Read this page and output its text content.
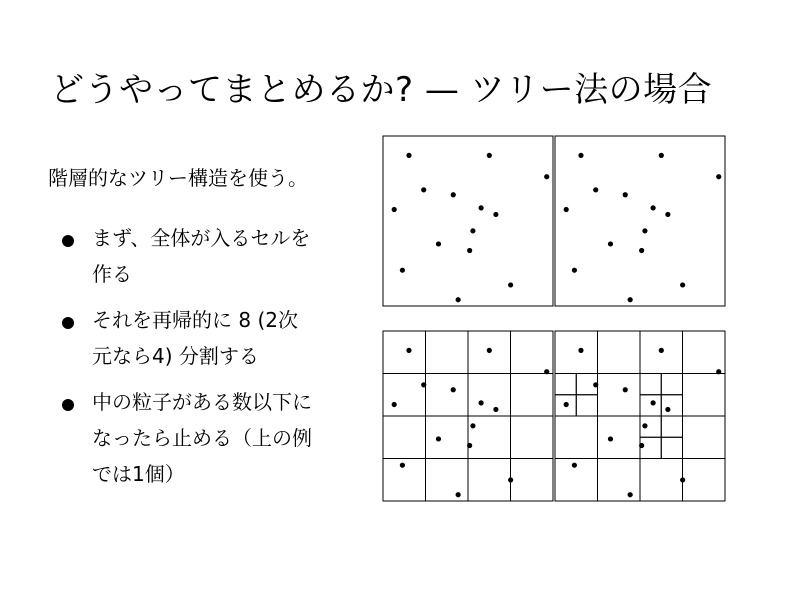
どうやってまとめるか? — ツリー法の場合
階層的なツリー構造を使う。
まず、全体が入るセルを
作る
それを再帰的に 8 (2次
元なら4) 分割する
中の粒子がある数以下に
なったら止める（上の例
では1個）
